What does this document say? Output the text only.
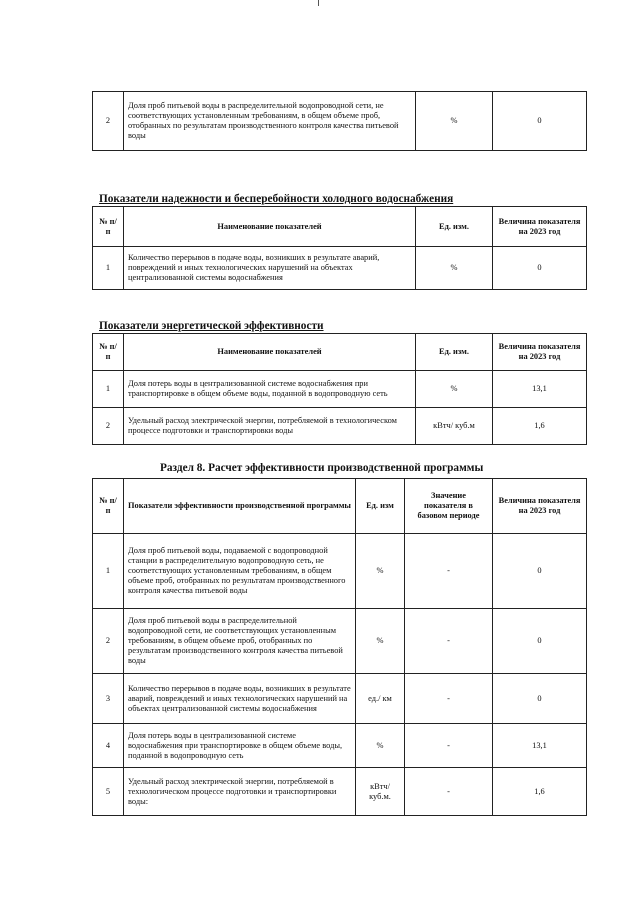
2	Доля проб питьевой воды в распределительной водопроводной сети, не соответствующих установленным требованиям, в общем объеме проб, отобранных по результатам производственного контроля качества питьевой воды	%	0
Показатели надежности и бесперебойности холодного водоснабжения
№ п/п	Наименование показателей	Ед. изм.	Величина показателя на 2023 год
1	Количество перерывов в подаче воды, возникших в результате аварий, повреждений и иных технологических нарушений на объектах централизованной системы водоснабжения	%	0
Показатели энергетической эффективности
№ п/п	Наименование показателей	Ед. изм.	Величина показателя на 2023 год
1	Доля потерь воды в централизованной системе водоснабжения при транспортировке в общем объеме воды, поданной в водопроводную сеть	%	13,1
2	Удельный расход электрической энергии, потребляемой в технологическом процессе подготовки и транспортировки воды	кВтч/ куб.м	1,6
Раздел 8. Расчет эффективности производственной программы
№ п/п	Показатели эффективности производственной программы	Ед. изм	Значение показателя в базовом периоде	Величина показателя на 2023 год
1	Доля проб питьевой воды, подаваемой с водопроводной станции в распределительную водопроводную сеть, не соответствующих установленным требованиям, в общем объеме проб, отобранных по результатам производственного контроля качества питьевой воды	%	-	0
2	Доля проб питьевой воды в распределительной водопроводной сети, не соответствующих установленным требованиям, в общем объеме проб, отобранных по результатам производственного контроля качества питьевой воды	%	-	0
3	Количество перерывов в подаче воды, возникших в результате аварий, повреждений и иных технологических нарушений на объектах централизованной системы водоснабжения	ед./ км	-	0
4	Доля потерь воды в централизованной системе водоснабжения при транспортировке в общем объеме воды, поданной в водопроводную сеть	%	-	13,1
5	Удельный расход электрической энергии, потребляемой в технологическом процессе подготовки и транспортировки воды:	кВтч/ куб.м.	-	1,6
